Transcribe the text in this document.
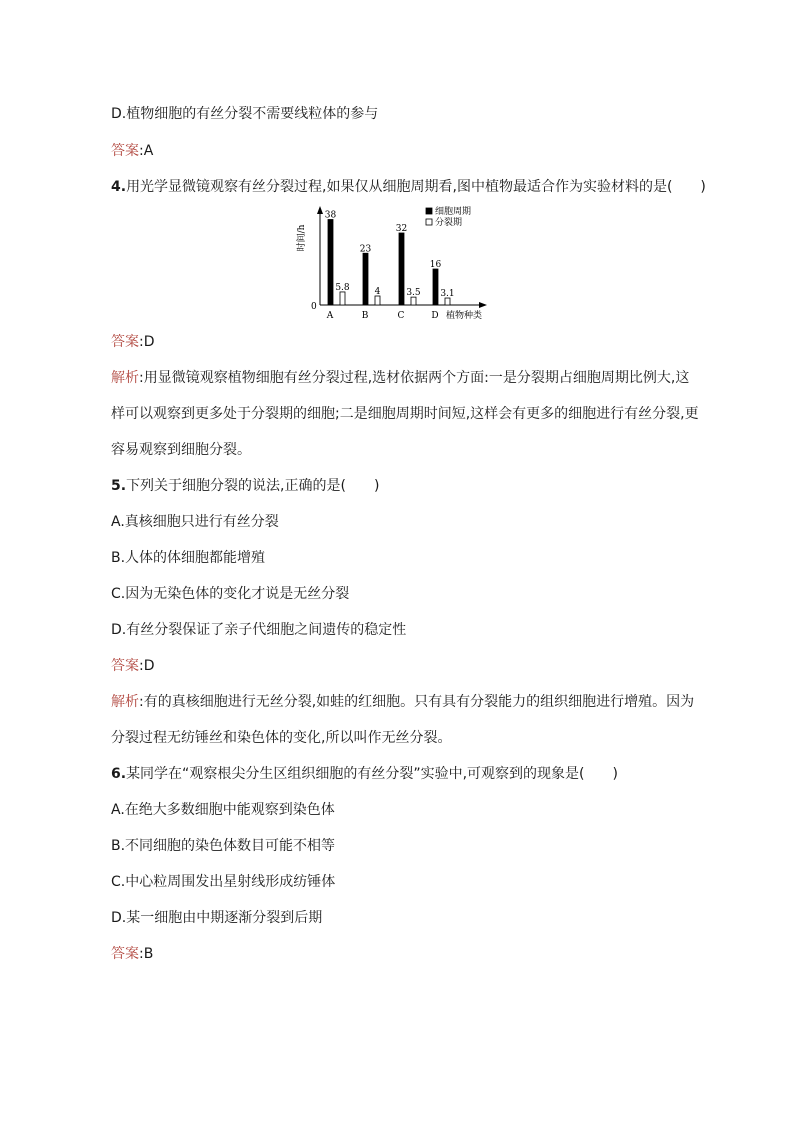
D.植物细胞的有丝分裂不需要线粒体的参与
答案:A
4.用光学显微镜观察有丝分裂过程,如果仅从细胞周期看,图中植物最适合作为实验材料的是(　　)
0
时间/h
38
5.8
A
23
4
B
32
3.5
C
16
3.1
D 植物种类
细胞周期
分裂期
答案:D
解析:用显微镜观察植物细胞有丝分裂过程,选材依据两个方面:一是分裂期占细胞周期比例大,这
样可以观察到更多处于分裂期的细胞;二是细胞周期时间短,这样会有更多的细胞进行有丝分裂,更
容易观察到细胞分裂。
5.下列关于细胞分裂的说法,正确的是(　　)
A.真核细胞只进行有丝分裂
B.人体的体细胞都能增殖
C.因为无染色体的变化才说是无丝分裂
D.有丝分裂保证了亲子代细胞之间遗传的稳定性
答案:D
解析:有的真核细胞进行无丝分裂,如蛙的红细胞。只有具有分裂能力的组织细胞进行增殖。因为
分裂过程无纺锤丝和染色体的变化,所以叫作无丝分裂。
6.某同学在“观察根尖分生区组织细胞的有丝分裂”实验中,可观察到的现象是(　　)
A.在绝大多数细胞中能观察到染色体
B.不同细胞的染色体数目可能不相等
C.中心粒周围发出星射线形成纺锤体
D.某一细胞由中期逐渐分裂到后期
答案:B
